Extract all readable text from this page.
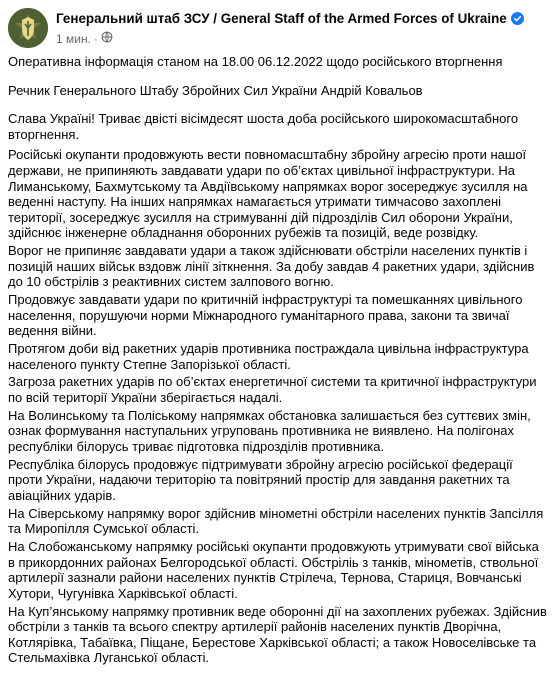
Генеральний штаб ЗСУ / General Staff of the Armed Forces of Ukraine
1 мин. ·

Оперативна інформація станом на 18.00 06.12.2022 щодо російського вторгнення

Речник Генерального Штабу Збройних Сил України Андрій Ковальов

Слава Україні! Триває двісті вісімдесят шоста доба російського широкомасштабного вторгнення.

Російські окупанти продовжують вести повномасштабну збройну агресію проти нашої держави, не припиняють завдавати удари по об’єктах цивільної інфраструктури. На Лиманському, Бахмутському та Авдіївському напрямках ворог зосереджує зусилля на веденні наступу. На інших напрямках намагається утримати тимчасово захоплені території, зосереджує зусилля на стримуванні дій підрозділів Сил оборони України, здійснює інженерне обладнання оборонних рубежів та позицій, веде розвідку.

Ворог не припиняє завдавати удари а також здійснювати обстріли населених пунктів і позицій наших військ вздовж лінії зіткнення. За добу завдав 4 ракетних удари, здійснив до 10 обстрілів з реактивних систем залпового вогню.

Продовжує завдавати удари по критичній інфраструктурі та помешканнях цивільного населення, порушуючи норми Міжнародного гуманітарного права, закони та звичаї ведення війни.

Протягом доби від ракетних ударів противника постраждала цивільна інфраструктура населеного пункту Степне Запорізької області.

Загроза ракетних ударів по об’єктах енергетичної системи та критичної інфраструктури по всій території України зберігається надалі.

На Волинському та Поліському напрямках обстановка залишається без суттєвих змін, ознак формування наступальних угруповань противника не виявлено. На полігонах республіки білорусь триває підготовка підрозділів противника.

Республіка білорусь продовжує підтримувати збройну агресію російської федерації проти України, надаючи територію та повітряний простір для завдання ракетних та авіаційних ударів.

На Сіверському напрямку ворог здійснив мінометні обстріли населених пунктів Запсілля та Миропілля Сумської області.

На Слобожанському напрямку російські окупанти продовжують утримувати свої війська в прикордонних районах Белгородської області. Обстріліь з танків, мінометів, ствольної артилерії зазнали райони населених пунктів Стрілеча, Тернова, Стариця, Вовчанські Хутори, Чугунівка Харківської області.

На Куп’янському напрямку противник веде оборонні дії на захоплених рубежах. Здійснив обстріли з танків та всього спектру артилерії районів населених пунктів Дворічна, Котлярівка, Табаївка, Піщане, Берестове Харківської області; а також Новоселівське та Стельмахівка Луганської області.
